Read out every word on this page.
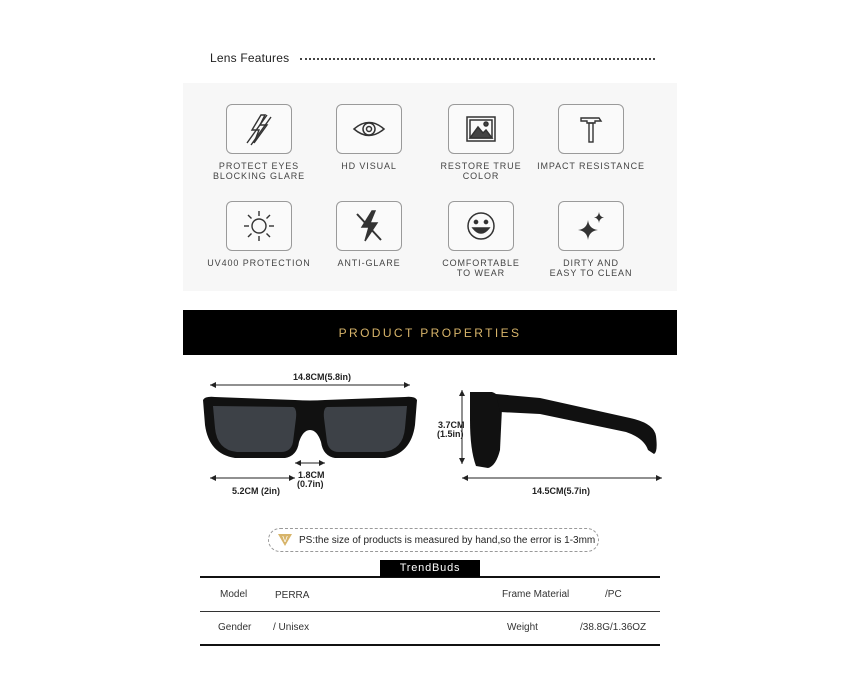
Lens Features
PROTECT EYES
BLOCKING GLARE
HD VISUAL	RESTORE TRUE COLOR
IMPACT RESISTANCE
UV400 PROTECTION	ANTI-GLARE	COMFORTABLE
TO WEAR
DIRTY AND
EASY TO CLEAN
PRODUCT PROPERTIES
14.8CM(5.8in)
5.2CM (2in)
1.8CM
(0.7in)
3.7CM
(1.5in)
14.5CM(5.7in)
V PS:the size of products is measured by hand,so the error is 1-3mm
TrendBuds
Model	PERRA	Frame Material	/PC
Gender / Unisex	Weight	/38.8G/1.36OZ
